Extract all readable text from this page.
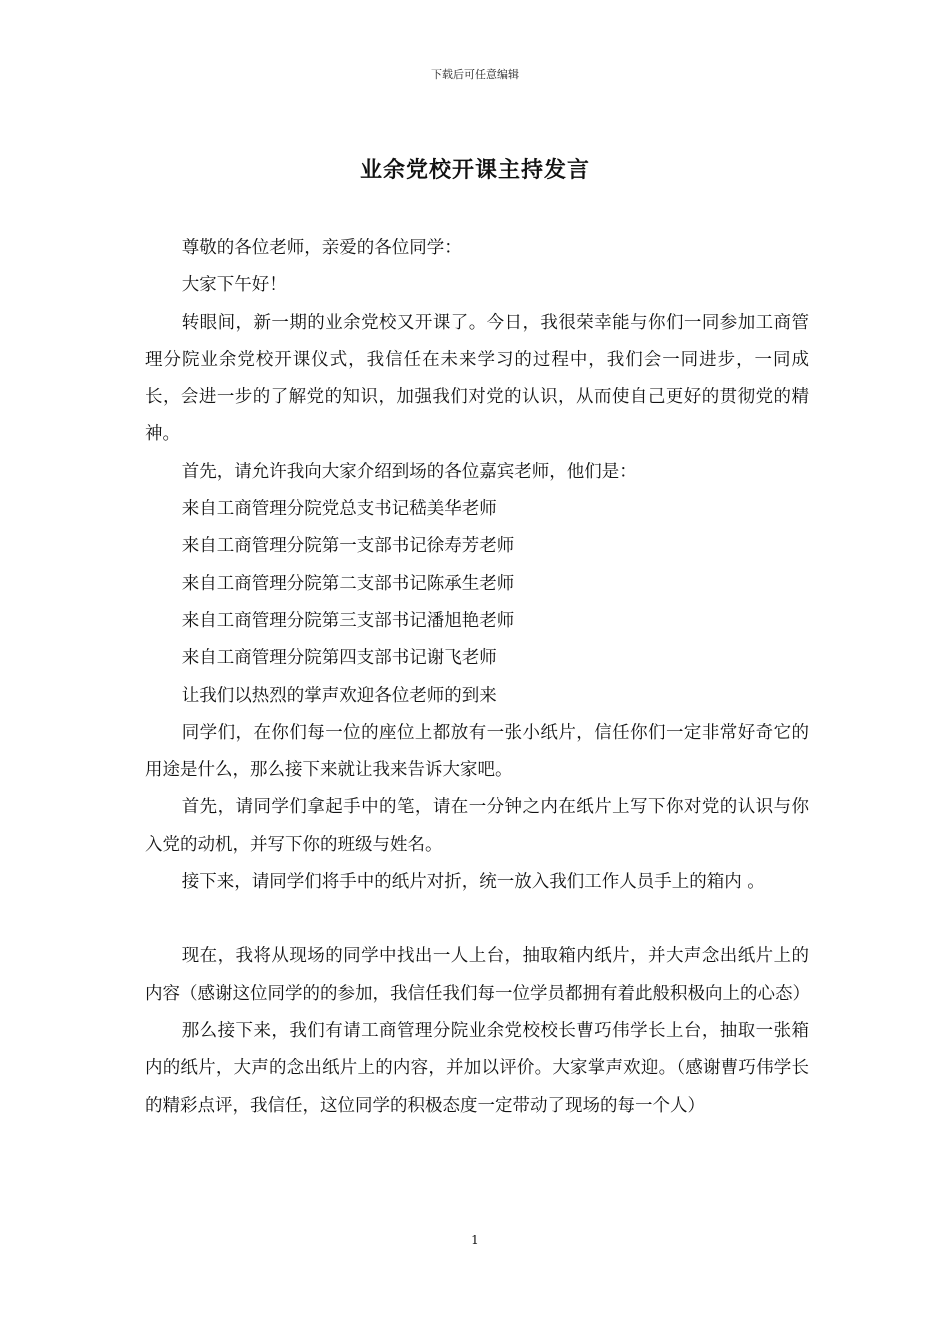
下载后可任意编辑
业余党校开课主持发言

尊敬的各位老师，亲爱的各位同学：

大家下午好！

转眼间，新一期的业余党校又开课了。今日，我很荣幸能与你们一同参加工商管理分院业余党校开课仪式，我信任在未来学习的过程中，我们会一同进步，一同成长，会进一步的了解党的知识，加强我们对党的认识，从而使自己更好的贯彻党的精神。

首先，请允许我向大家介绍到场的各位嘉宾老师，他们是：

来自工商管理分院党总支书记嵇美华老师

来自工商管理分院第一支部书记徐寿芳老师

来自工商管理分院第二支部书记陈承生老师

来自工商管理分院第三支部书记潘旭艳老师

来自工商管理分院第四支部书记谢飞老师

让我们以热烈的掌声欢迎各位老师的到来

同学们，在你们每一位的座位上都放有一张小纸片，信任你们一定非常好奇它的用途是什么，那么接下来就让我来告诉大家吧。

首先，请同学们拿起手中的笔，请在一分钟之内在纸片上写下你对党的认识与你入党的动机，并写下你的班级与姓名。

接下来，请同学们将手中的纸片对折，统一放入我们工作人员手上的箱内 。

现在，我将从现场的同学中找出一人上台，抽取箱内纸片，并大声念出纸片上的内容（感谢这位同学的的参加，我信任我们每一位学员都拥有着此般积极向上的心态）

那么接下来，我们有请工商管理分院业余党校校长曹巧伟学长上台，抽取一张箱内的纸片，大声的念出纸片上的内容，并加以评价。大家掌声欢迎。（感谢曹巧伟学长的精彩点评，我信任，这位同学的积极态度一定带动了现场的每一个人）

1
